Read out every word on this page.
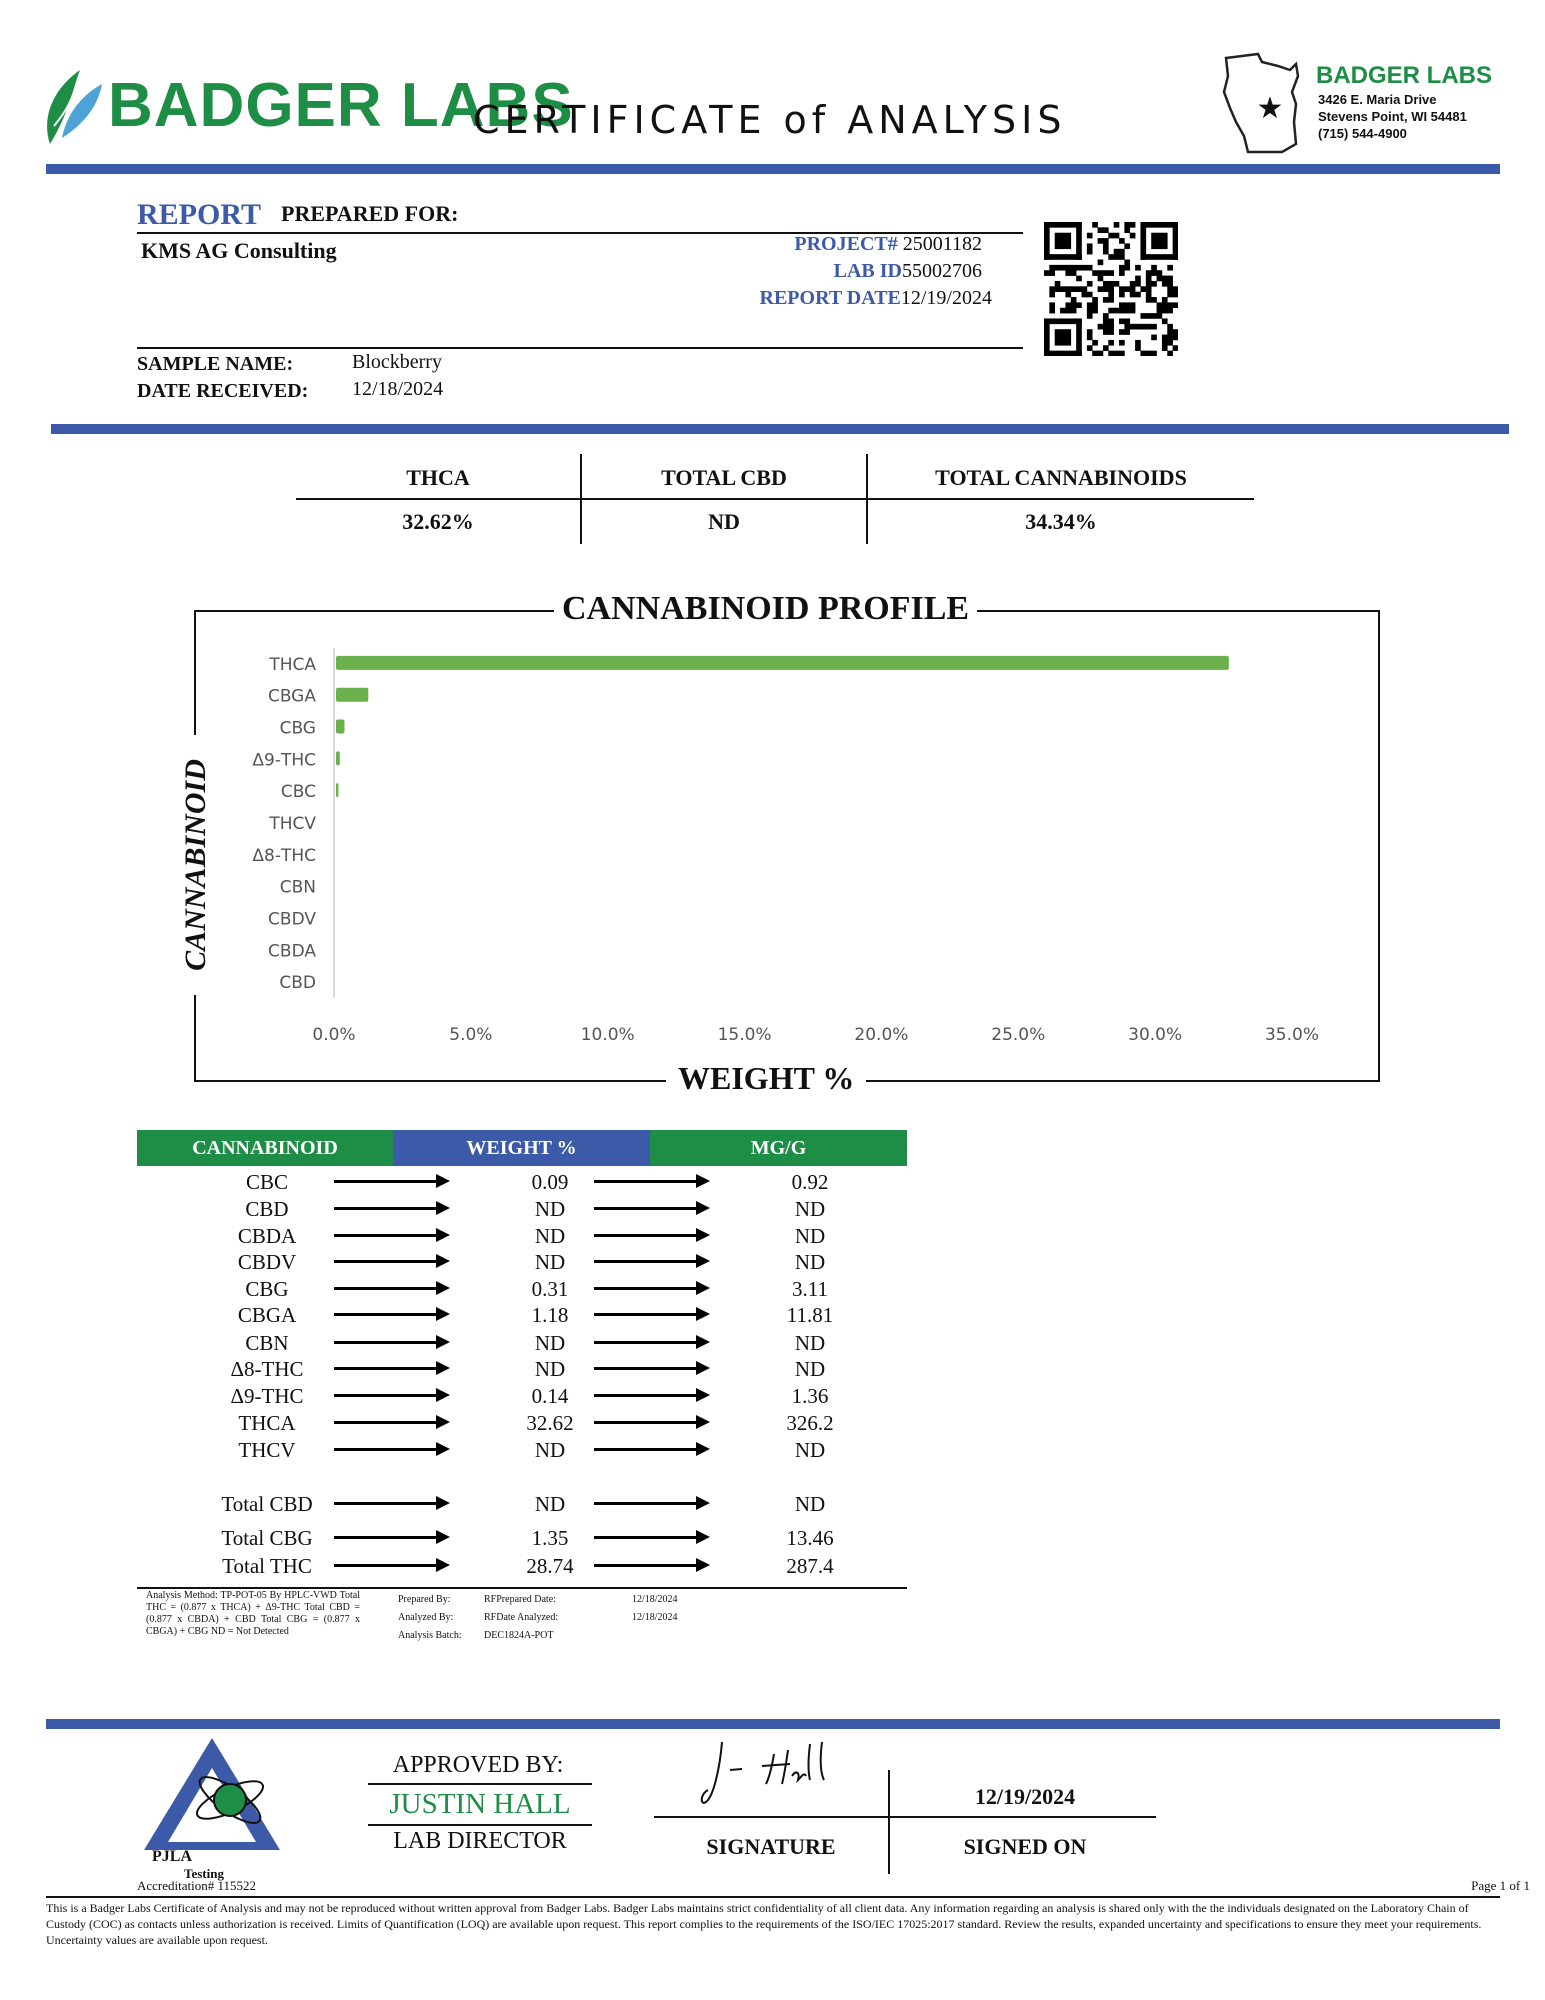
BADGER LABS
CERTIFICATE of ANALYSIS	★
BADGER LABS
3426 E. Maria Drive
Stevens Point, WI 54481
(715) 544-4900
REPORT PREPARED FOR:
KMS AG Consulting	PROJECT# 25001182
LAB ID55002706
REPORT DATE12/19/2024
SAMPLE NAME:	Blockberry
DATE RECEIVED: 12/18/2024
THCA	TOTAL CBD	TOTAL CANNABINOIDS
32.62%	ND	34.34%
CANNABINOID PROFILE
WEIGHT %
CANNABINOID
THCA
CBGA
CBG
Δ9-THC
CBC
THCV
Δ8-THC
CBN
CBDV
CBDA
CBD
0.0%	5.0%	10.0%	15.0%	20.0%	25.0%	30.0%	35.0%
CANNABINOID	WEIGHT %	MG/G
CBC	0.09	0.92
CBD	ND	ND
CBDA	ND	ND
CBDV	ND	ND
CBG	0.31	3.11
CBGA	1.18	11.81
CBN	ND	ND
Δ8-THC	ND	ND
Δ9-THC	0.14	1.36
THCA	32.62	326.2
THCV	ND	ND
Total CBD	ND	ND
Total CBG	1.35	13.46
Total THC	28.74	287.4
Analysis Method: TP-POT-05 By HPLC-VWD Total THC = (0.877 x THCA) + Δ9-THC Total CBD = (0.877 x CBDA) + CBD Total CBG = (0.877 x CBGA) + CBG ND = Not Detected
Prepared By:	RFPrepared Date:	12/18/2024
Analyzed By:	RFDate Analyzed:	12/18/2024
Analysis Batch: DEC1824A-POT
PJLA
Testing
Accreditation# 115522
APPROVED BY:
JUSTIN HALL
LAB DIRECTOR
12/19/2024
SIGNATURE	SIGNED ON
Page 1 of 1
This is a Badger Labs Certificate of Analysis and may not be reproduced without written approval from Badger Labs. Badger Labs maintains strict confidentiality of all client data. Any information regarding an analysis is shared only with the the individuals designated on the Laboratory Chain of Custody (COC) as contacts unless authorization is received. Limits of Quantification (LOQ) are available upon request. This report complies to the requirements of the ISO/IEC 17025:2017 standard. Review the results, expanded uncertainty and specifications to ensure they meet your requirements. Uncertainty values are available upon request.
